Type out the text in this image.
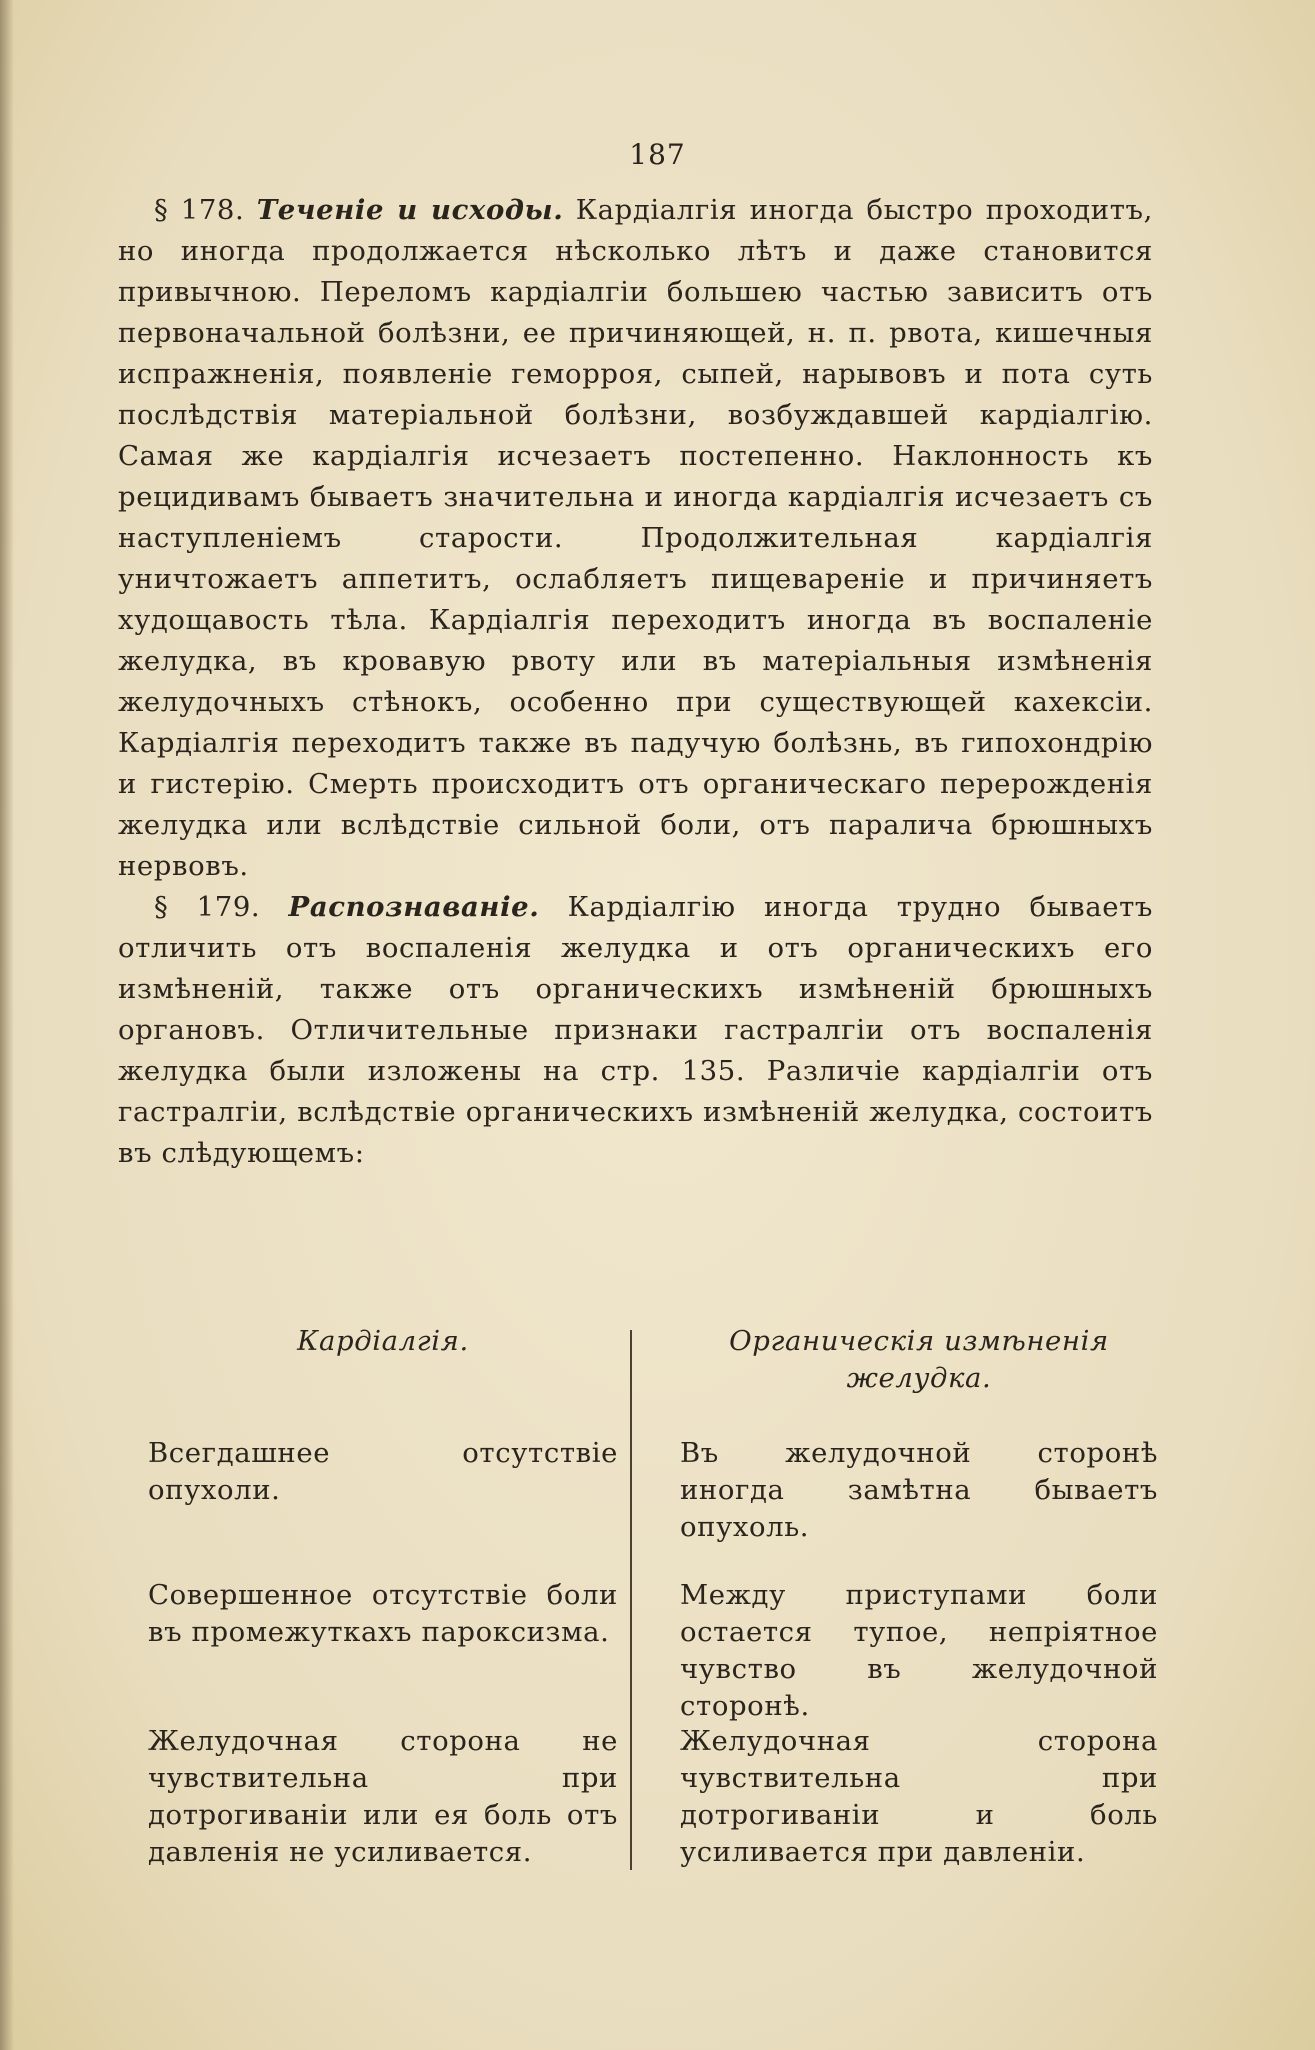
187

§ 178. Теченіе и исходы. Кардіалгія иногда быстро проходитъ, но иногда продолжается нѣсколько лѣтъ и даже становится привычною. Переломъ кардіалгіи большею частью зависитъ отъ первоначальной болѣзни, ее причиняющей, н. п. рвота, кишечныя испражненія, появленіе геморроя, сыпей, нарывовъ и пота суть послѣдствія матеріальной болѣзни, возбуждавшей кардіалгію. Самая же кардіалгія исчезаетъ постепенно. Наклонность къ рецидивамъ бываетъ значительна и иногда кардіалгія исчезаетъ съ наступленіемъ старости. Продолжительная кардіалгія уничтожаетъ аппетитъ, ослабляетъ пищевареніе и причиняетъ худощавость тѣла. Кардіалгія переходитъ иногда въ воспаленіе желудка, въ кровавую рвоту или въ матеріальныя измѣненія желудочныхъ стѣнокъ, особенно при существующей кахексіи. Кардіалгія переходитъ также въ падучую болѣзнь, въ гипохондрію и гистерію. Смерть происходитъ отъ органическаго перерожденія желудка или вслѣдствіе сильной боли, отъ паралича брюшныхъ нервовъ.

§ 179. Распознаваніе. Кардіалгію иногда трудно бываетъ отличить отъ воспаленія желудка и отъ органическихъ его измѣненій, также отъ органическихъ измѣненій брюшныхъ органовъ. Отличительные признаки гастралгіи отъ воспаленія желудка были изложены на стр. 135. Различіе кардіалгіи отъ гастралгіи, вслѣдствіе органическихъ измѣненій желудка, состоитъ въ слѣдующемъ:

Кардіалгія.

Всегдашнее отсутствіе опухоли.

Совершенное отсутствіе боли въ промежуткахъ пароксизма.

Желудочная сторона не чувствительна при дотрогиваніи или ея боль отъ давленія не усиливается.

Органическія измѣненія желудка.

Въ желудочной сторонѣ иногда замѣтна бываетъ опухоль.

Между приступами боли остается тупое, непріятное чувство въ желудочной сторонѣ.

Желудочная сторона чувствительна при дотрогиваніи и боль усиливается при давленіи.
